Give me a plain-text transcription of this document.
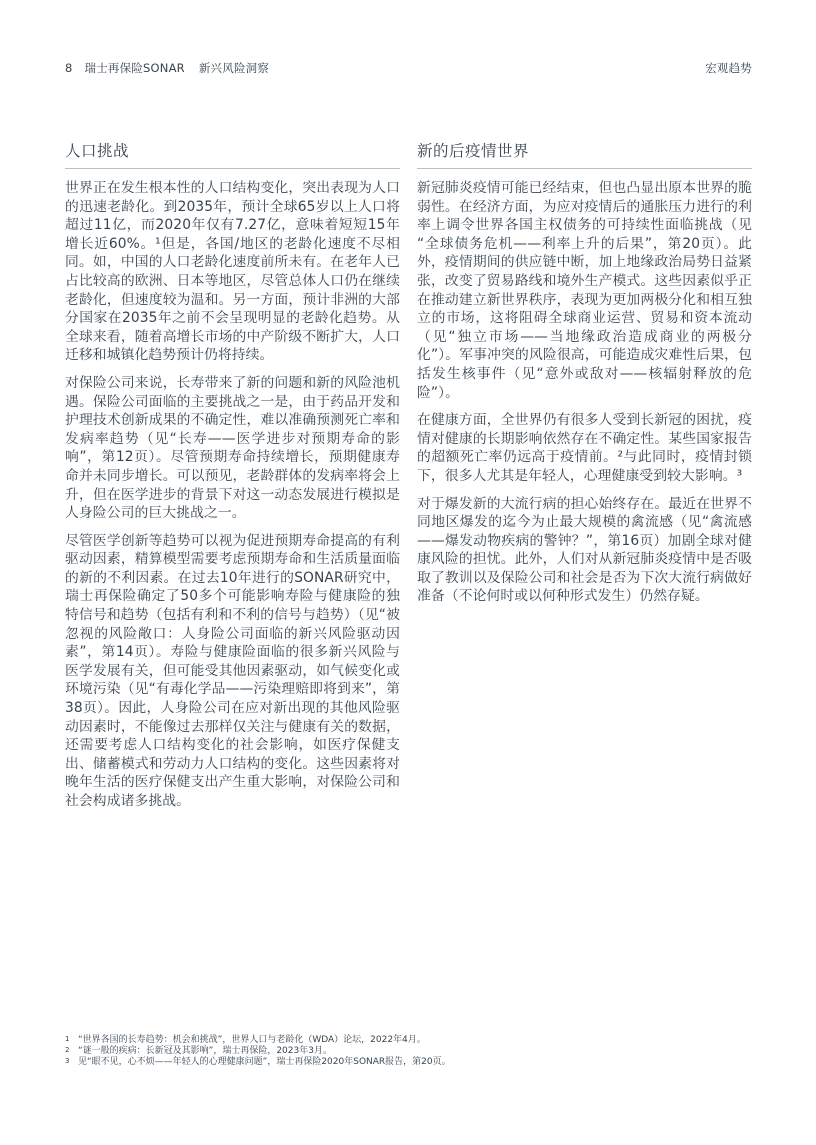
8 瑞士再保险SONAR 新兴风险洞察	宏观趋势
人口挑战

世界正在发生根本性的人口结构变化，突出表现为人口的迅速老龄化。到2035年，预计全球65岁以上人口将超过11亿，而2020年仅有7.27亿，意味着短短15年增长近60%。¹但是，各国/地区的老龄化速度不尽相同。如，中国的人口老龄化速度前所未有。在老年人已占比较高的欧洲、日本等地区，尽管总体人口仍在继续老龄化，但速度较为温和。另一方面，预计非洲的大部分国家在2035年之前不会呈现明显的老龄化趋势。从全球来看，随着高增长市场的中产阶级不断扩大，人口迁移和城镇化趋势预计仍将持续。

对保险公司来说，长寿带来了新的问题和新的风险池机遇。保险公司面临的主要挑战之一是，由于药品开发和护理技术创新成果的不确定性，难以准确预测死亡率和发病率趋势（见“长寿——医学进步对预期寿命的影响”，第12页）。尽管预期寿命持续增长，预期健康寿命并未同步增长。可以预见，老龄群体的发病率将会上升，但在医学进步的背景下对这一动态发展进行模拟是人身险公司的巨大挑战之一。

尽管医学创新等趋势可以视为促进预期寿命提高的有利驱动因素，精算模型需要考虑预期寿命和生活质量面临的新的不利因素。在过去10年进行的SONAR研究中，瑞士再保险确定了50多个可能影响寿险与健康险的独特信号和趋势（包括有利和不利的信号与趋势）（见“被忽视的风险敞口：人身险公司面临的新兴风险驱动因素”，第14页）。寿险与健康险面临的很多新兴风险与医学发展有关，但可能受其他因素驱动，如气候变化或环境污染（见“有毒化学品——污染理赔即将到来”，第38页）。因此，人身险公司在应对新出现的其他风险驱动因素时，不能像过去那样仅关注与健康有关的数据，还需要考虑人口结构变化的社会影响，如医疗保健支出、储蓄模式和劳动力人口结构的变化。这些因素将对晚年生活的医疗保健支出产生重大影响，对保险公司和社会构成诸多挑战。

新的后疫情世界

新冠肺炎疫情可能已经结束，但也凸显出原本世界的脆弱性。在经济方面，为应对疫情后的通胀压力进行的利率上调令世界各国主权债务的可持续性面临挑战（见“全球债务危机——利率上升的后果”，第20页）。此外，疫情期间的供应链中断，加上地缘政治局势日益紧张，改变了贸易路线和境外生产模式。这些因素似乎正在推动建立新世界秩序，表现为更加两极分化和相互独立的市场，这将阻碍全球商业运营、贸易和资本流动（见“独立市场——当地缘政治造成商业的两极分化”）。军事冲突的风险很高，可能造成灾难性后果，包括发生核事件（见“意外或敌对——核辐射释放的危险”）。

在健康方面，全世界仍有很多人受到长新冠的困扰，疫情对健康的长期影响依然存在不确定性。某些国家报告的超额死亡率仍远高于疫情前。²与此同时，疫情封锁下，很多人尤其是年轻人，心理健康受到较大影响。³

对于爆发新的大流行病的担心始终存在。最近在世界不同地区爆发的迄今为止最大规模的禽流感（见“禽流感——爆发动物疾病的警钟？”，第16页）加剧全球对健康风险的担忧。此外，人们对从新冠肺炎疫情中是否吸取了教训以及保险公司和社会是否为下次大流行病做好准备（不论何时或以何种形式发生）仍然存疑。

1 “世界各国的长寿趋势：机会和挑战”，世界人口与老龄化（WDA）论坛，2022年4月。
2 “谜一般的疾病：长新冠及其影响”，瑞士再保险，2023年3月。
3 见“眼不见，心不烦——年轻人的心理健康问题”，瑞士再保险2020年SONAR报告，第20页。
